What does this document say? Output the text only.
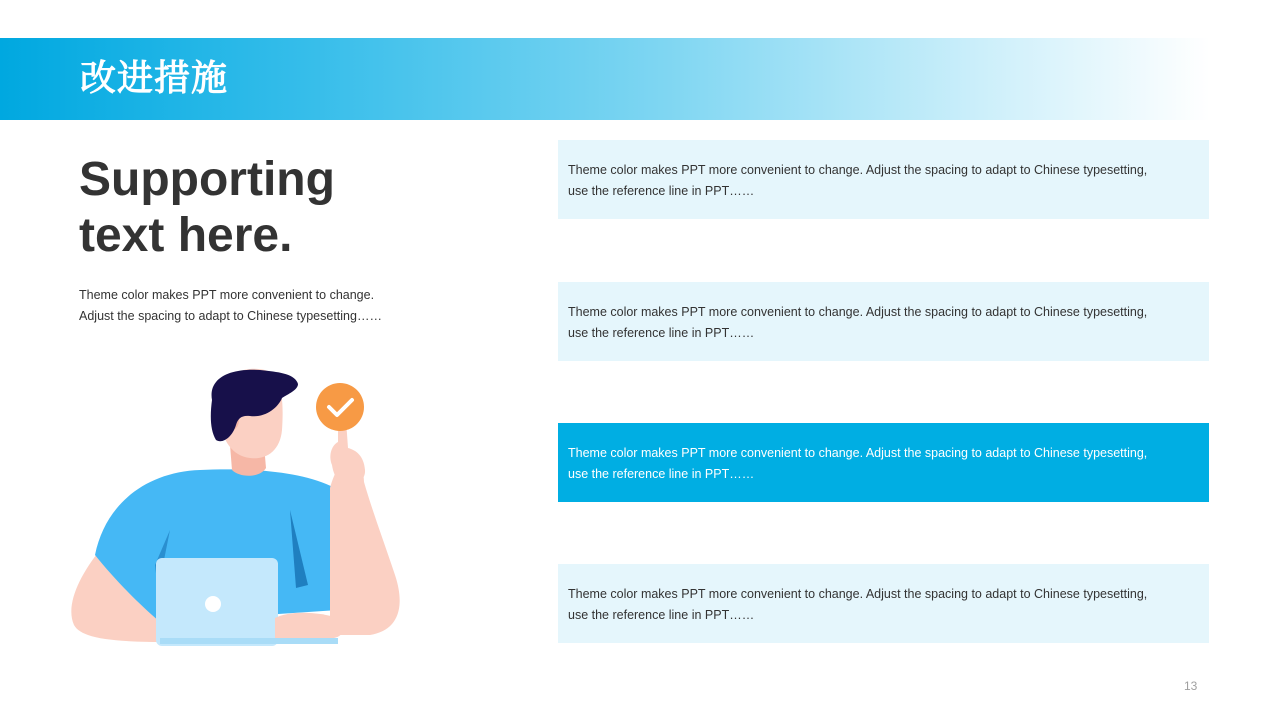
改进措施
Supporting
text here.
Theme color makes PPT more convenient to change.
Adjust the spacing to adapt to Chinese typesetting……
Theme color makes PPT more convenient to change. Adjust the spacing to adapt to Chinese typesetting,
use the reference line in PPT……
Theme color makes PPT more convenient to change. Adjust the spacing to adapt to Chinese typesetting,
use the reference line in PPT……
Theme color makes PPT more convenient to change. Adjust the spacing to adapt to Chinese typesetting,
use the reference line in PPT……
Theme color makes PPT more convenient to change. Adjust the spacing to adapt to Chinese typesetting,
use the reference line in PPT……
13
